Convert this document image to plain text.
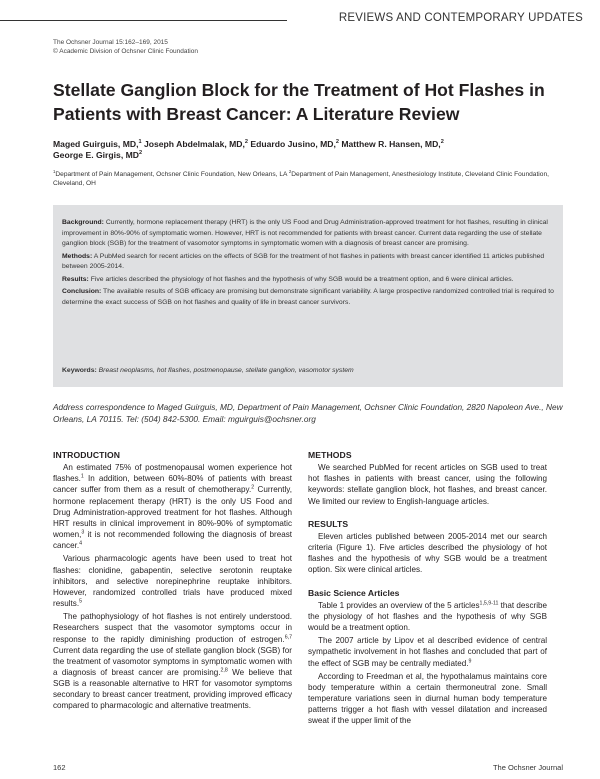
REVIEWS AND CONTEMPORARY UPDATES
The Ochsner Journal 15:162–169, 2015
© Academic Division of Ochsner Clinic Foundation
Stellate Ganglion Block for the Treatment of Hot Flashes in
Patients with Breast Cancer: A Literature Review
Maged Guirguis, MD,$^1$ Joseph Abdelmalak, MD,$^2$ Eduardo Jusino, MD,$^2$ Matthew R. Hansen, MD,$^2$
George E. Girgis, $MD^2$
$^1$Department of Pain Management, Ochsner Clinic Foundation, New Orleans, LA $^2$Department of Pain Management, Anesthesiology Institute, Cleveland Clinic Foundation, Cleveland, OH

Background: Currently, hormone replacement therapy (HRT) is the only US Food and Drug Administration-approved treatment for hot flashes, resulting in clinical improvement in 80%-90% of symptomatic women. However, HRT is not recommended for patients with breast cancer. Current data regarding the use of stellate ganglion block (SGB) for the treatment of vasomotor symptoms in symptomatic women with a diagnosis of breast cancer are promising.

Methods: A PubMed search for recent articles on the effects of SGB for the treatment of hot flashes in patients with breast cancer identified 11 articles published between 2005-2014.

Results: Five articles described the physiology of hot flashes and the hypothesis of why SGB would be a treatment option, and 6 were clinical articles.

Conclusion: The available results of SGB efficacy are promising but demonstrate significant variability. A large prospective randomized controlled trial is required to determine the exact success of SGB on hot flashes and quality of life in breast cancer survivors.

Keywords: Breast neoplasms, hot flashes, postmenopause, stellate ganglion, vasomotor system
Address correspondence to Maged Guirguis, MD, Department of Pain Management, Ochsner Clinic Foundation, 2820 Napoleon Ave., New Orleans, LA 70115. Tel: (504) 842-5300. Email: mguirguis@ochsner.org
INTRODUCTION

An estimated 75% of postmenopausal women experience hot flashes.$^1$ In addition, between 60%-80% of patients with breast cancer suffer from them as a result of chemotherapy.$^2$ Currently, hormone replacement therapy (HRT) is the only US Food and Drug Administration-approved treatment for hot flashes. Although HRT results in clinical improvement in 80%-90% of symptomatic women,$^3$ it is not recommended following the diagnosis of breast cancer.$^4$

Various pharmacologic agents have been used to treat hot flashes: clonidine, gabapentin, selective serotonin reuptake inhibitors, and selective norepinephrine reuptake inhibitors. However, randomized controlled trials have produced mixed results.$^5$

The pathophysiology of hot flashes is not entirely understood. Researchers suspect that the vasomotor symptoms occur in response to the rapidly diminishing production of estrogen.$^{6,7}$ Current data regarding the use of stellate ganglion block (SGB) for the treatment of vasomotor symptoms in symptomatic women with a diagnosis of breast cancer are promising.$^{2,8}$ We believe that SGB is a reasonable alternative to HRT for vasomotor symptoms secondary to breast cancer treatment, providing improved efficacy compared to pharmacologic and alternative treatments.

METHODS

We searched PubMed for recent articles on SGB used to treat hot flashes in patients with breast cancer, using the following keywords: stellate ganglion block, hot flashes, and breast cancer. We limited our review to English-language articles.

RESULTS

Eleven articles published between 2005-2014 met our search criteria (Figure 1). Five articles described the physiology of hot flashes and the hypothesis of why SGB would be a treatment option. Six were clinical articles.

Basic Science Articles

Table 1 provides an overview of the 5 articles$^{1,5,9-11}$ that describe the physiology of hot flashes and the hypothesis of why SGB would be a treatment option.

The 2007 article by Lipov et al described evidence of central sympathetic involvement in hot flashes and concluded that part of the effect of SGB may be centrally mediated.$^9$

According to Freedman et al, the hypothalamus maintains core body temperature within a certain thermoneutral zone. Small temperature variations seen in diurnal human body temperature patterns trigger a hot flash with vessel dilatation and increased sweat if the upper limit of the

162	The Ochsner Journal
